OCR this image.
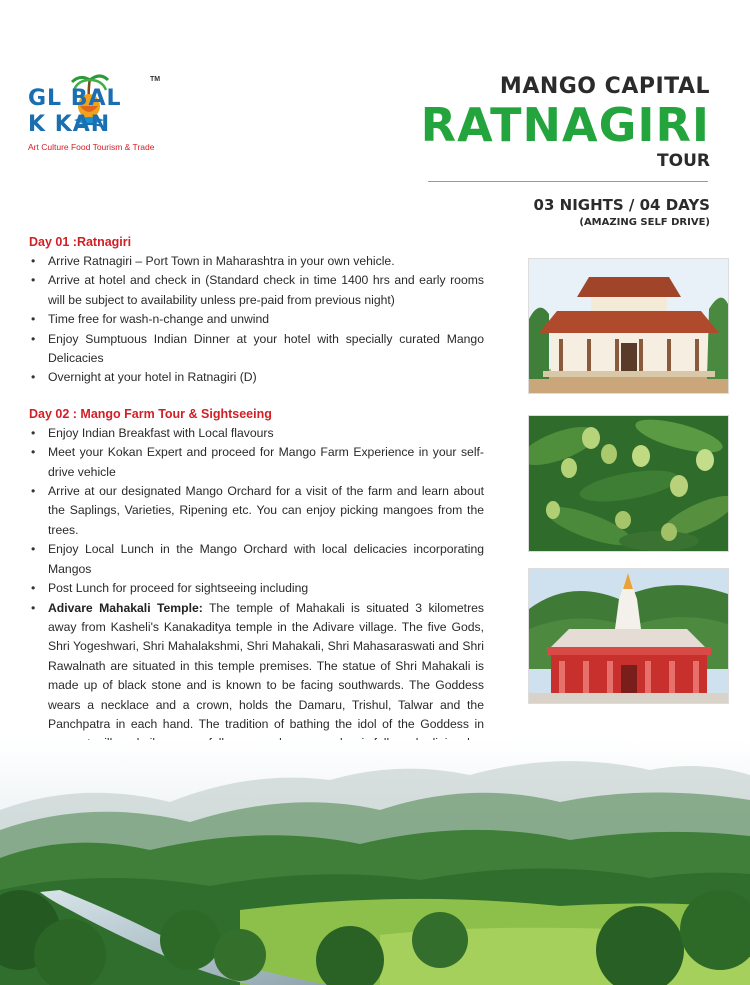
GL BAL
K KAN
TM
Art Culture Food Tourism & Trade
MANGO CAPITAL
RATNAGIRI
TOUR
03 NIGHTS / 04 DAYS
(AMAZING SELF DRIVE)
Day 01 :Ratnagiri
• Arrive Ratnagiri – Port Town in Maharashtra in your own vehicle.
• Arrive at hotel and check in (Standard check in time 1400 hrs and early rooms will be subject to availability unless pre-paid from previous night)
• Time free for wash-n-change and unwind
• Enjoy Sumptuous Indian Dinner at your hotel with specially curated Mango Delicacies
• Overnight at your hotel in Ratnagiri (D)
Day 02 : Mango Farm Tour & Sightseeing
• Enjoy Indian Breakfast with Local flavours
• Meet your Kokan Expert and proceed for Mango Farm Experience in your self-drive vehicle
• Arrive at our designated Mango Orchard for a visit of the farm and learn about the Saplings, Varieties, Ripening etc. You can enjoy picking mangoes from the trees.
• Enjoy Local Lunch in the Mango Orchard with local delicacies incorporating Mangos
• Post Lunch for proceed for sightseeing including
• Adivare Mahakali Temple: The temple of Mahakali is situated 3 kilometres away from Kasheli's Kanakaditya temple in the Adivare village. The five Gods, Shri Yogeshwari, Shri Mahalakshmi, Shri Mahakali, Shri Mahasaraswati and Shri Rawalnath are situated in this temple premises. The statue of Shri Mahakali is made up of black stone and is known to be facing southwards. The Goddess wears a necklace and a crown, holds the Damaru, Trishul, Talwar and the Panchpatra in each hand. The tradition of bathing the idol of the Goddess in
•
